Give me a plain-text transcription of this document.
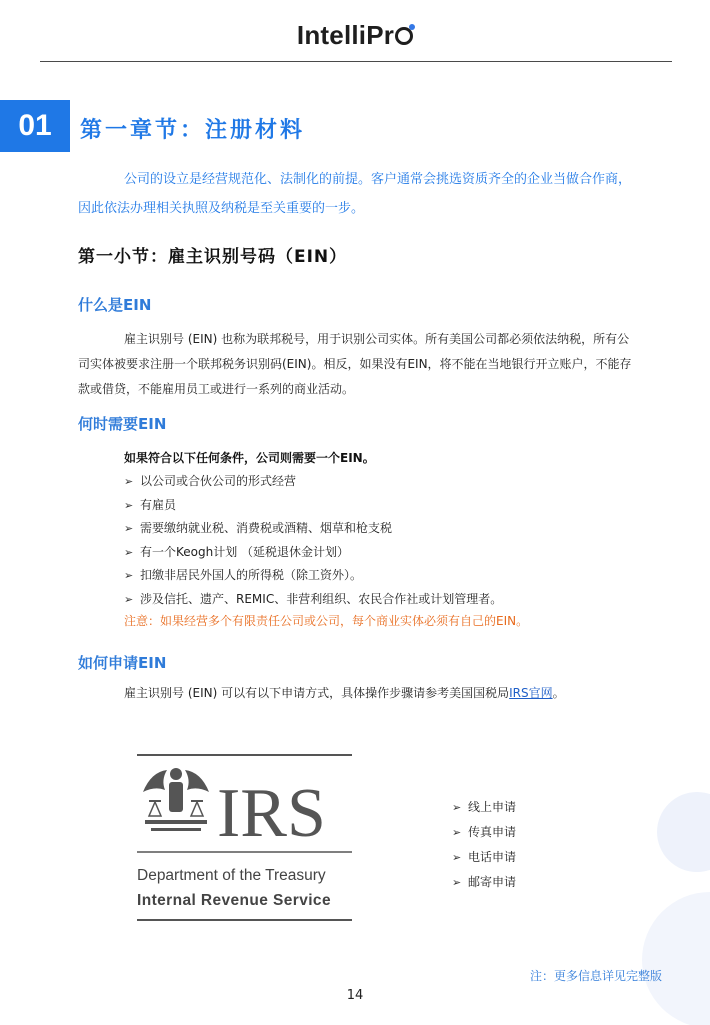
IntelliPr
01	第一章节：注册材料
公司的设立是经营规范化、法制化的前提。客户通常会挑选资质齐全的企业当做合作商，因此依法办理相关执照及纳税是至关重要的一步。
第一小节：雇主识别号码（EIN）
什么是EIN
雇主识别号 (EIN) 也称为联邦税号，用于识别公司实体。所有美国公司都必须依法纳税，所有公司实体被要求注册一个联邦税务识别码(EIN)。相反，如果没有EIN，将不能在当地银行开立账户，不能存款或借贷，不能雇用员工或进行一系列的商业活动。
何时需要EIN
如果符合以下任何条件，公司则需要一个EIN。
➢ 以公司或合伙公司的形式经营
➢ 有雇员
➢ 需要缴纳就业税、消费税或酒精、烟草和枪支税
➢ 有一个Keogh计划 （延税退休金计划）
➢ 扣缴非居民外国人的所得税（除工资外）。
➢ 涉及信托、遗产、REMIC、非营利组织、农民合作社或计划管理者。
注意：如果经营多个有限责任公司或公司，每个商业实体必须有自己的EIN。
如何申请EIN
雇主识别号 (EIN) 可以有以下申请方式，具体操作步骤请参考美国国税局IRS官网。
IRS
Department of the Treasury
Internal Revenue Service
➢ 线上申请
➢ 传真申请
➢ 电话申请
➢ 邮寄申请
注：更多信息详见完整版
14
